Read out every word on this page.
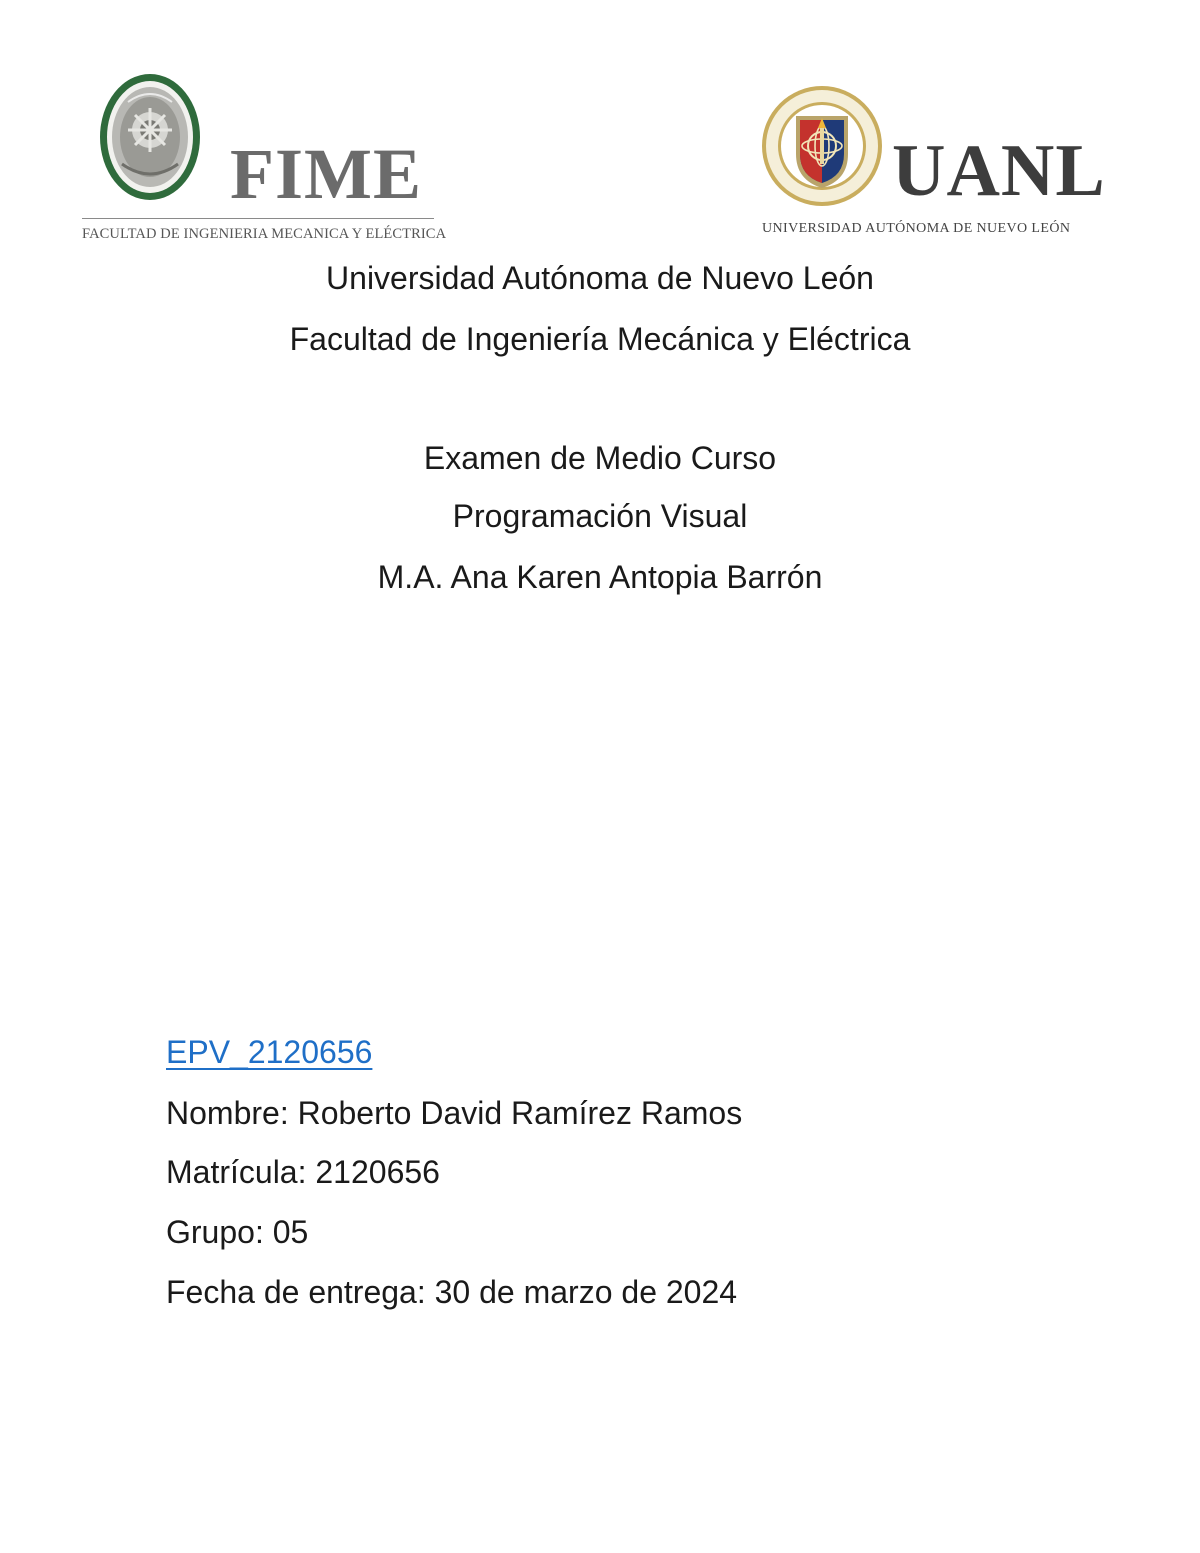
FIME
FACULTAD DE INGENIERIA MECANICA Y ELÉCTRICA
UANL
UNIVERSIDAD AUTÓNOMA DE NUEVO LEÓN
Universidad Autónoma de Nuevo León
Facultad de Ingeniería Mecánica y Eléctrica
Examen de Medio Curso
Programación Visual
M.A. Ana Karen Antopia Barrón
EPV_2120656
Nombre: Roberto David Ramírez Ramos
Matrícula: 2120656
Grupo: 05
Fecha de entrega: 30 de marzo de 2024
